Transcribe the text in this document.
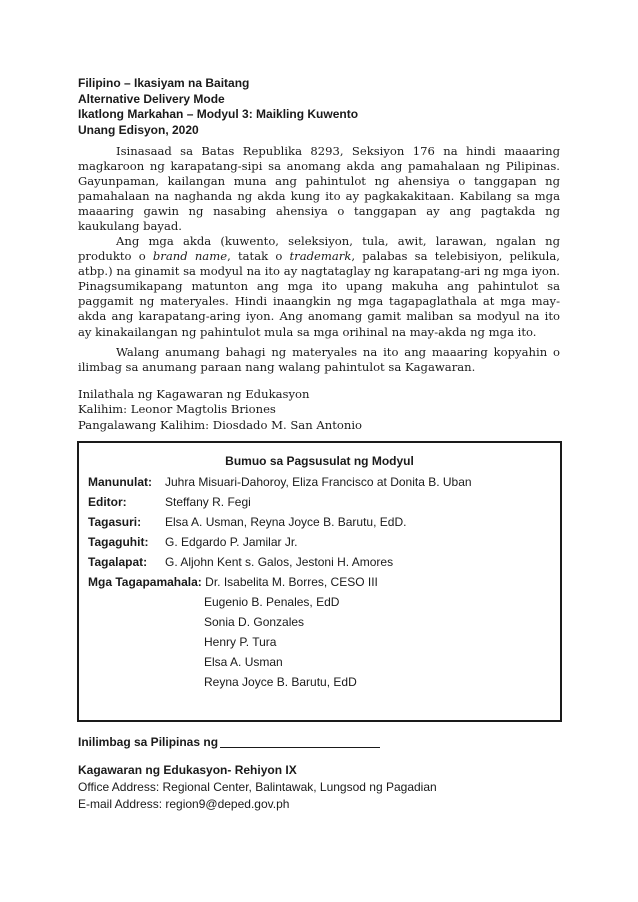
Filipino – Ikasiyam na Baitang
Alternative Delivery Mode
Ikatlong Markahan – Modyul 3: Maikling Kuwento
Unang Edisyon, 2020

Isinasaad sa Batas Republika 8293, Seksiyon 176 na hindi maaaring magkaroon ng karapatang-sipi sa anomang akda ang pamahalaan ng Pilipinas. Gayunpaman, kailangan muna ang pahintulot ng ahensiya o tanggapan ng pamahalaan na naghanda ng akda kung ito ay pagkakakitaan. Kabilang sa mga maaaring gawin ng nasabing ahensiya o tanggapan ay ang pagtakda ng kaukulang bayad.

Ang mga akda (kuwento, seleksiyon, tula, awit, larawan, ngalan ng produkto o brand name, tatak o trademark, palabas sa telebisiyon, pelikula, atbp.) na ginamit sa modyul na ito ay nagtataglay ng karapatang-ari ng mga iyon. Pinagsumikapang matunton ang mga ito upang makuha ang pahintulot sa paggamit ng materyales. Hindi inaangkin ng mga tagapaglathala at mga may-akda ang karapatang-aring iyon. Ang anomang gamit maliban sa modyul na ito ay kinakailangan ng pahintulot mula sa mga orihinal na may-akda ng mga ito.

Walang anumang bahagi ng materyales na ito ang maaaring kopyahin o ilimbag sa anumang paraan nang walang pahintulot sa Kagawaran.

Inilathala ng Kagawaran ng Edukasyon
Kalihim: Leonor Magtolis Briones
Pangalawang Kalihim: Diosdado M. San Antonio
Bumuo sa Pagsusulat ng Modyul
Manunulat: Juhra Misuari-Dahoroy, Eliza Francisco at Donita B. Uban
Editor:	Steffany R. Fegi
Tagasuri: Elsa A. Usman, Reyna Joyce B. Barutu, EdD.
Tagaguhit: G. Edgardo P. Jamilar Jr.
Tagalapat: G. Aljohn Kent s. Galos, Jestoni H. Amores
Mga Tagapamahala: Dr. Isabelita M. Borres, CESO III
Eugenio B. Penales, EdD
Sonia D. Gonzales
Henry P. Tura
Elsa A. Usman
Reyna Joyce B. Barutu, EdD
Inilimbag sa Pilipinas ng
Kagawaran ng Edukasyon- Rehiyon IX
Office Address: Regional Center, Balintawak, Lungsod ng Pagadian
E-mail Address: region9@deped.gov.ph
